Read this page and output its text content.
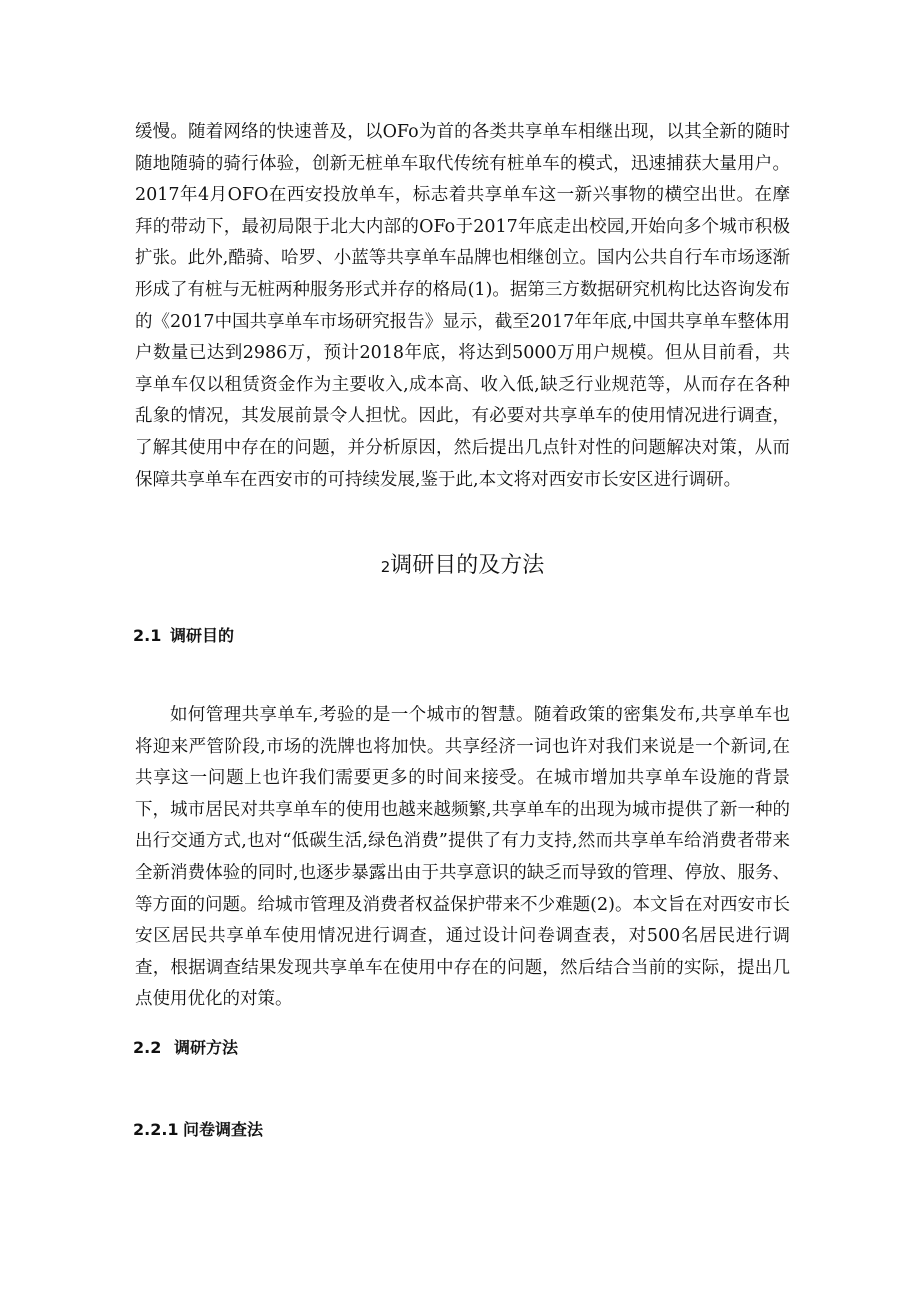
缓慢。随着网络的快速普及，以OFo为首的各类共享单车相继出现，以其全新的随时随地随骑的骑行体验，创新无桩单车取代传统有桩单车的模式，迅速捕获大量用户。2017年4月OFO在西安投放单车，标志着共享单车这一新兴事物的横空出世。在摩拜的带动下，最初局限于北大内部的OFo于2017年底走出校园,开始向多个城市积极扩张。此外,酷骑、哈罗、小蓝等共享单车品牌也相继创立。国内公共自行车市场逐渐形成了有桩与无桩两种服务形式并存的格局(1)。据第三方数据研究机构比达咨询发布的《2017中国共享单车市场研究报告》显示，截至2017年年底,中国共享单车整体用户数量已达到2986万，预计2018年底，将达到5000万用户规模。但从目前看，共享单车仅以租赁资金作为主要收入,成本高、收入低,缺乏行业规范等，从而存在各种乱象的情况，其发展前景令人担忧。因此，有必要对共享单车的使用情况进行调查，了解其使用中存在的问题，并分析原因，然后提出几点针对性的问题解决对策，从而保障共享单车在西安市的可持续发展,鉴于此,本文将对西安市长安区进行调研。

2调研目的及方法
2.1 调研目的

如何管理共享单车,考验的是一个城市的智慧。随着政策的密集发布,共享单车也将迎来严管阶段,市场的洗牌也将加快。共享经济一词也许对我们来说是一个新词,在共享这一问题上也许我们需要更多的时间来接受。在城市增加共享单车设施的背景下，城市居民对共享单车的使用也越来越频繁,共享单车的出现为城市提供了新一种的出行交通方式,也对“低碳生活,绿色消费”提供了有力支持,然而共享单车给消费者带来全新消费体验的同时,也逐步暴露出由于共享意识的缺乏而导致的管理、停放、服务、等方面的问题。给城市管理及消费者权益保护带来不少难题(2)。本文旨在对西安市长安区居民共享单车使用情况进行调查，通过设计问卷调查表，对500名居民进行调查，根据调查结果发现共享单车在使用中存在的问题，然后结合当前的实际，提出几点使用优化的对策。

2.2 调研方法
2.2.1 问卷调查法
